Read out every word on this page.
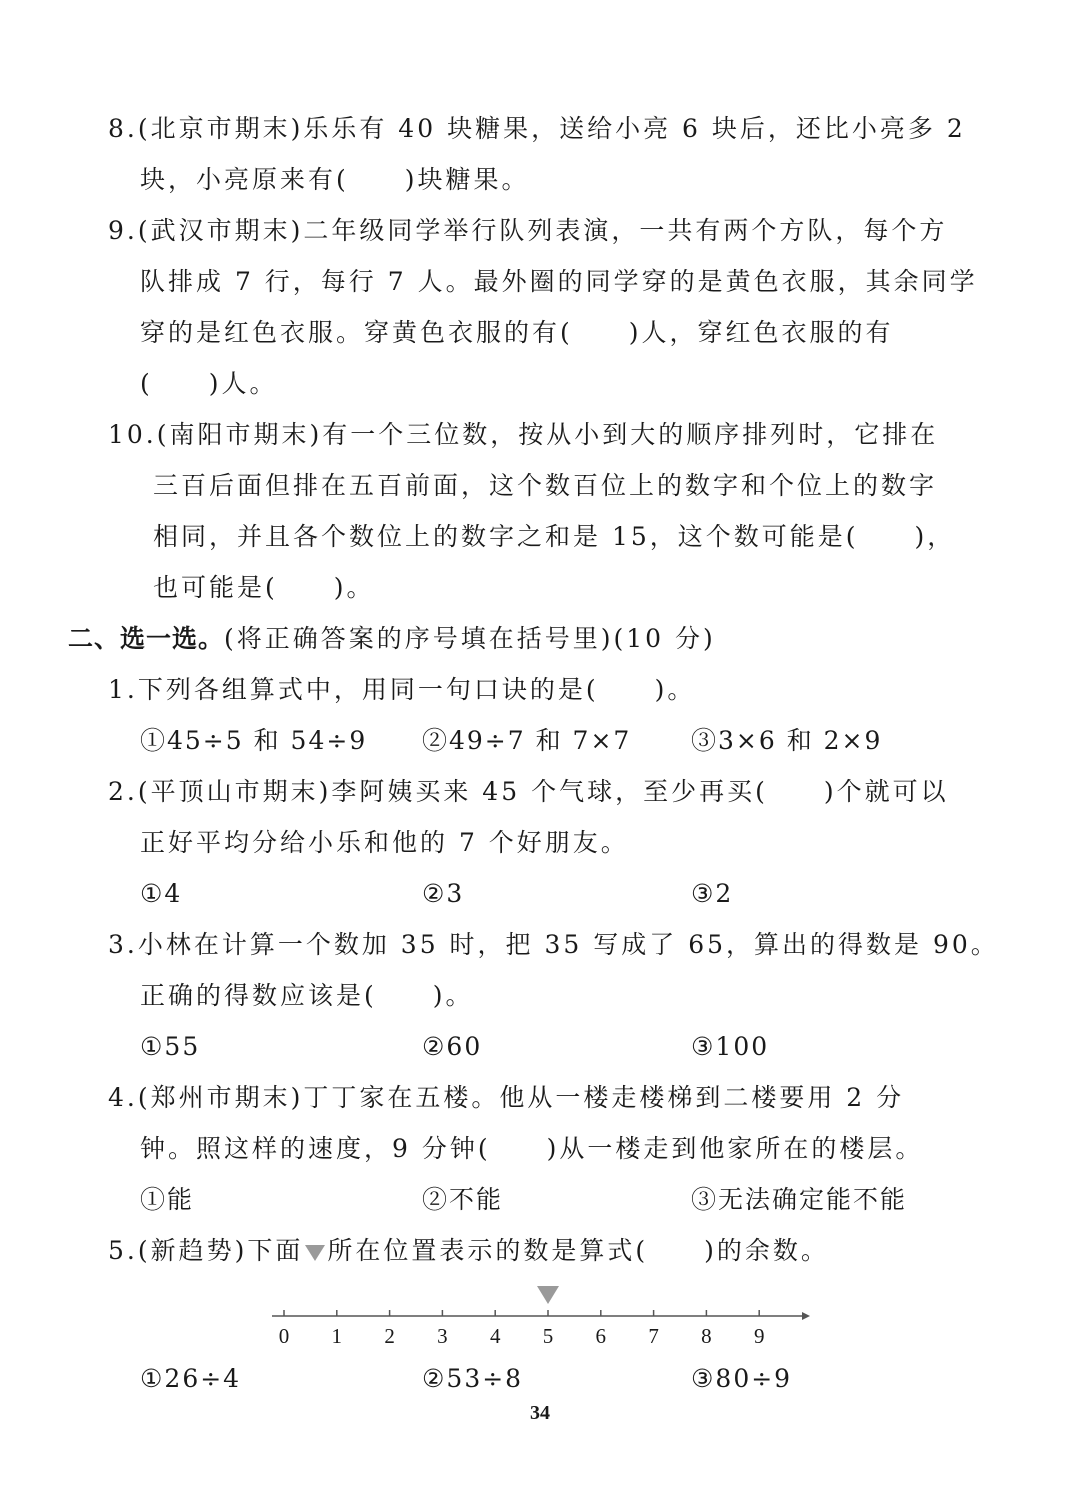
8.(北京市期末)乐乐有 40 块糖果，送给小亮 6 块后，还比小亮多 2
块，小亮原来有(　　)块糖果。
9.(武汉市期末)二年级同学举行队列表演，一共有两个方队，每个方
队排成 7 行，每行 7 人。最外圈的同学穿的是黄色衣服，其余同学
穿的是红色衣服。穿黄色衣服的有(　　)人，穿红色衣服的有
(　　)人。
10.(南阳市期末)有一个三位数，按从小到大的顺序排列时，它排在
三百后面但排在五百前面，这个数百位上的数字和个位上的数字
相同，并且各个数位上的数字之和是 15，这个数可能是(　　)，
也可能是(　　)。
二、选一选。(将正确答案的序号填在括号里)(10 分)
1.下列各组算式中，用同一句口诀的是(　　)。
①45÷5 和 54÷9 ②49÷7 和 7×7 ③3×6 和 2×9
2.(平顶山市期末)李阿姨买来 45 个气球，至少再买(　　)个就可以
正好平均分给小乐和他的 7 个好朋友。
①4	②3	③2
3.小林在计算一个数加 35 时，把 35 写成了 65，算出的得数是 90。
正确的得数应该是(　　)。
①55	②60	③100
4.(郑州市期末)丁丁家在五楼。他从一楼走楼梯到二楼要用 2 分
钟。照这样的速度，9 分钟(　　)从一楼走到他家所在的楼层。
①能	②不能	③无法确定能不能
5.(新趋势)下面 所在位置表示的数是算式(　　)的余数。
0 1 2 3 4 5 6 7 8 9
①26÷4	②53÷8	③80÷9
34
